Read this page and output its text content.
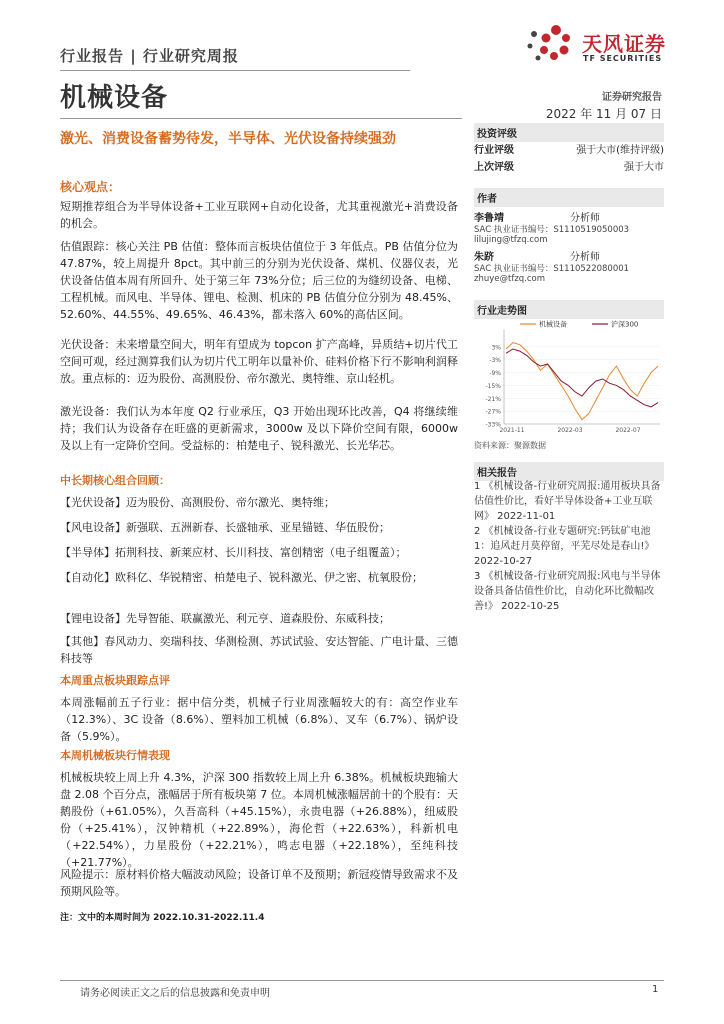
行业报告 | 行业研究周报
机械设备
天风证券
TF SECURITIES
证券研究报告
2022 年 11 月 07 日
激光、消费设备蓄势待发，半导体、光伏设备持续强劲
核心观点：
短期推荐组合为半导体设备+工业互联网+自动化设备，尤其重视激光+消费设备的机会。
估值跟踪：核心关注 PB 估值：整体而言板块估值位于 3 年低点。PB 估值分位为 47.87%，较上周提升 8pct。其中前三的分别为光伏设备、煤机、仪器仪表，光伏设备估值本周有所回升、处于第三年 73%分位；后三位的为缝纫设备、电梯、工程机械。而风电、半导体、锂电、检测、机床的 PB 估值分位分别为 48.45%、52.60%、44.55%、49.65%、46.43%，都未落入 60%的高估区间。
光伏设备：未来增量空间大，明年有望成为 topcon 扩产高峰，异质结+切片代工空间可观，经过测算我们认为切片代工明年以量补价、硅料价格下行不影响利润释放。重点标的：迈为股份、高测股份、帝尔激光、奥特维、京山轻机。
激光设备：我们认为本年度 Q2 行业承压，Q3 开始出现环比改善，Q4 将继续维持；我们认为设备存在旺盛的更新需求，3000w 及以下降价空间有限，6000w 及以上有一定降价空间。受益标的：柏楚电子、锐科激光、长光华芯。
中长期核心组合回顾：
【光伏设备】迈为股份、高测股份、帝尔激光、奥特维；
【风电设备】新强联、五洲新春、长盛轴承、亚星锚链、华伍股份；
【半导体】拓荆科技、新莱应材、长川科技、富创精密（电子组覆盖）；
【自动化】欧科亿、华锐精密、柏楚电子、锐科激光、伊之密、杭氧股份；
【锂电设备】先导智能、联赢激光、利元亨、道森股份、东威科技；
【其他】春风动力、奕瑞科技、华测检测、苏试试验、安达智能、广电计量、三德科技等
本周重点板块跟踪点评
本周涨幅前五子行业：据中信分类，机械子行业周涨幅较大的有：高空作业车（12.3%）、3C 设备（8.6%）、塑料加工机械（6.8%）、叉车（6.7%）、锅炉设备（5.9%）。
本周机械板块行情表现
机械板块较上周上升 4.3%，沪深 300 指数较上周上升 6.38%。机械板块跑输大盘 2.08 个百分点，涨幅居于所有板块第 7 位。本周机械涨幅居前十的个股有：天鹅股份（+61.05%），久吾高科（+45.15%），永贵电器（+26.88%），纽威股份（+25.41%），汉钟精机（+22.89%），海伦哲（+22.63%），科新机电（+22.54%），力星股份（+22.21%），鸣志电器（+22.18%），至纯科技（+21.77%）。
风险提示：原材料价格大幅波动风险；设备订单不及预期；新冠疫情导致需求不及预期风险等。
注：文中的本周时间为 2022.10.31-2022.11.4
投资评级
行业评级	强于大市(维持评级)
上次评级	强于大市
作者
李鲁靖	分析师
SAC 执业证书编号：S1110519050003
lilujing@tfzq.com
朱跻	分析师
SAC 执业证书编号：S1110522080001
zhuye@tfzq.com
行业走势图
3%
-3%
-9%
-15%
-21%
-27%
-33%
2021-11	2022-03	2022-07
机械设备	沪深300
资料来源：聚源数据
相关报告
1 《机械设备-行业研究周报:通用板块具备估值性价比，看好半导体设备+工业互联网》 2022-11-01
2 《机械设备-行业专题研究:钙钛矿电池 1：追风赶月莫停留，平芜尽处是春山!》 2022-10-27
3 《机械设备-行业研究周报:风电与半导体设备具备估值性价比，自动化环比微幅改善!》 2022-10-25
请务必阅读正文之后的信息披露和免责申明	1
